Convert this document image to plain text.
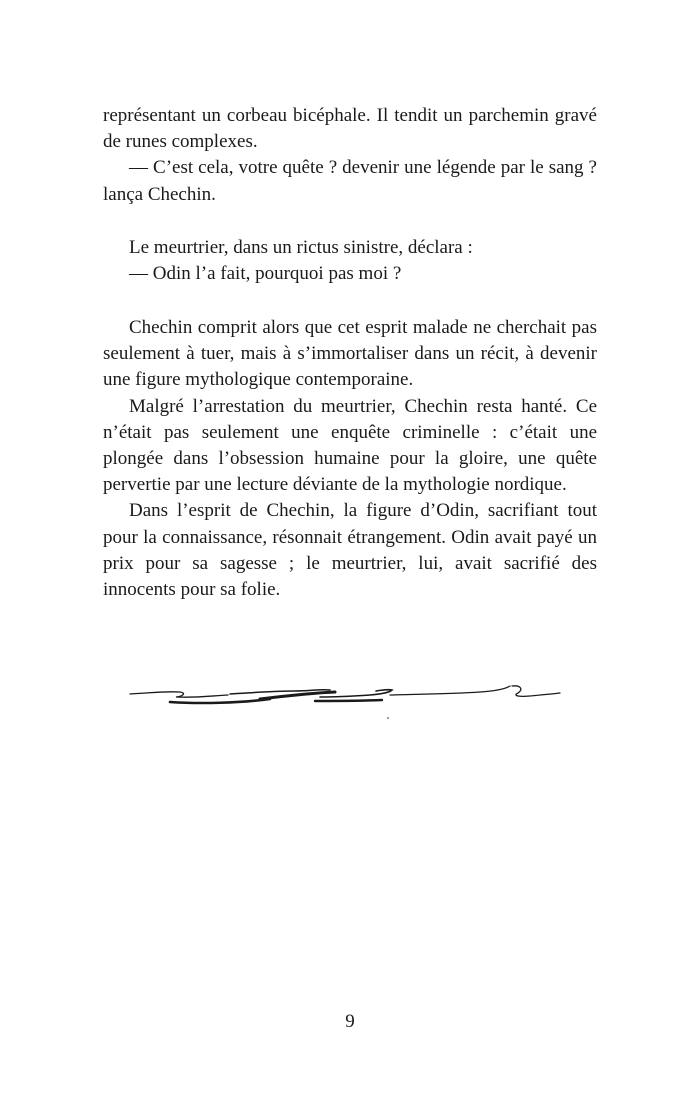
représentant un corbeau bicéphale. Il tendit un parchemin gravé de runes complexes.

— C’est cela, votre quête ? devenir une légende par le sang ? lança Chechin.

Le meurtrier, dans un rictus sinistre, déclara :

— Odin l’a fait, pourquoi pas moi ?

Chechin comprit alors que cet esprit malade ne cherchait pas seulement à tuer, mais à s’immortaliser dans un récit, à devenir une figure mythologique contemporaine.

Malgré l’arrestation du meurtrier, Chechin resta hanté. Ce n’était pas seulement une enquête criminelle : c’était une plongée dans l’obsession humaine pour la gloire, une quête pervertie par une lecture déviante de la mythologie nordique.

Dans l’esprit de Chechin, la figure d’Odin, sacrifiant tout pour la connaissance, résonnait étrangement. Odin avait payé un prix pour sa sagesse ; le meurtrier, lui, avait sacrifié des innocents pour sa folie.

9
